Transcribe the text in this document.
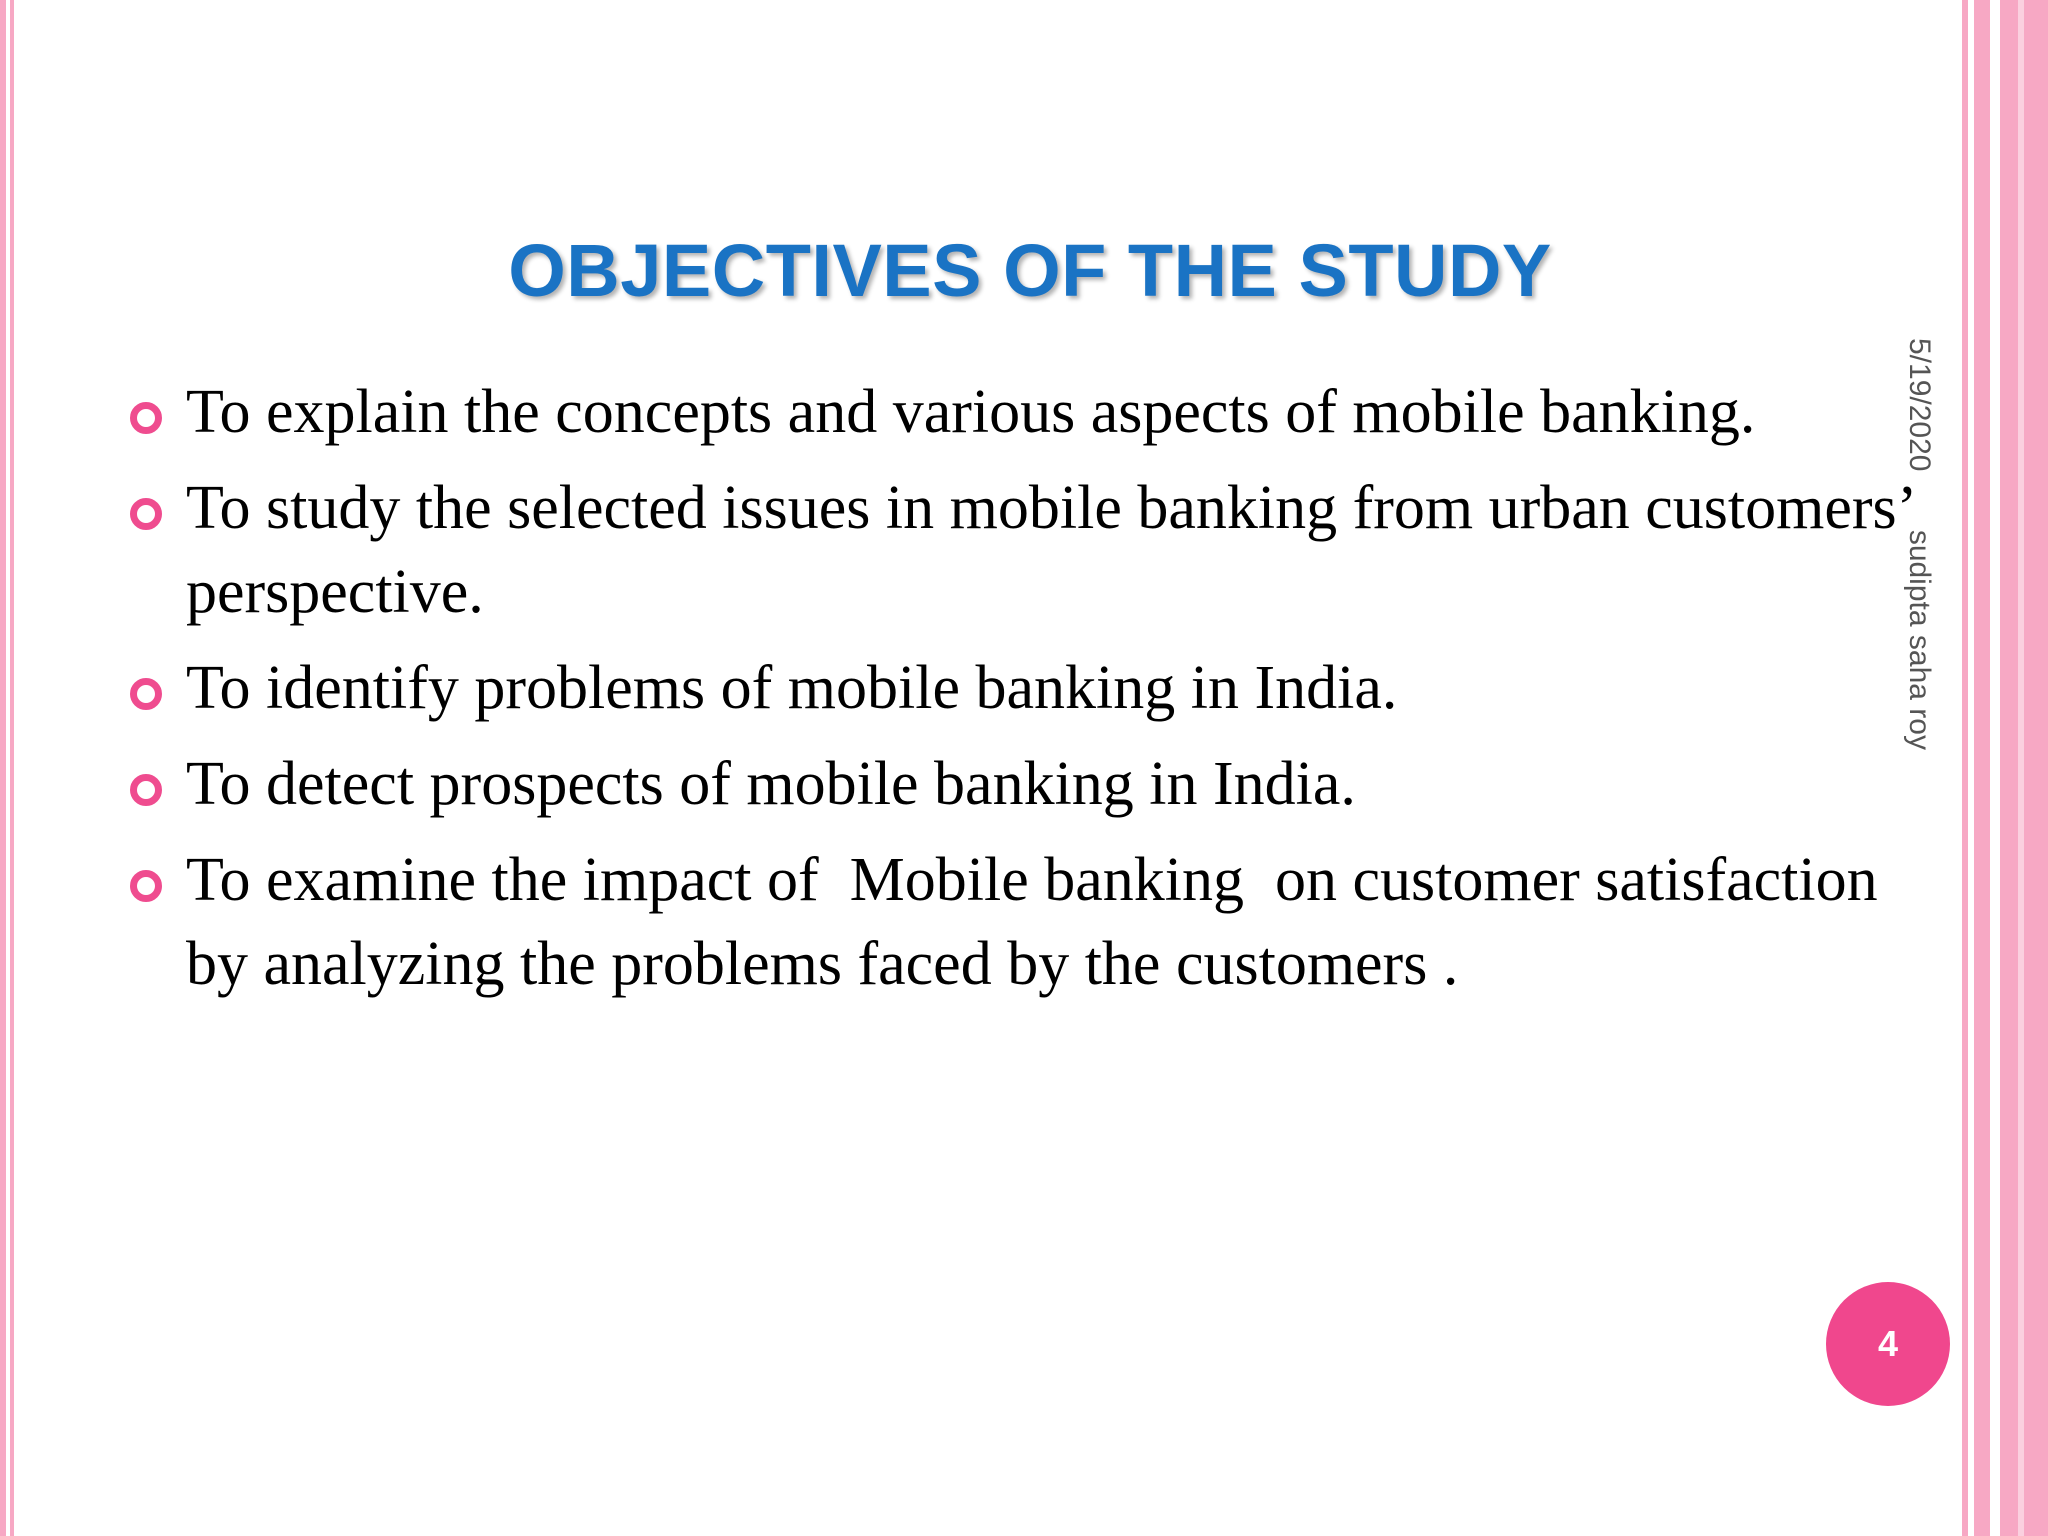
OBJECTIVES OF THE STUDY
To explain the concepts and various aspects of mobile banking.
To study the selected issues in mobile banking from urban customers’ perspective.
To identify problems of mobile banking in India.
To detect prospects of mobile banking in India.
To examine the impact of  Mobile banking  on customer satisfaction by analyzing the problems faced by the customers .
5/19/2020 sudipta saha roy
4
